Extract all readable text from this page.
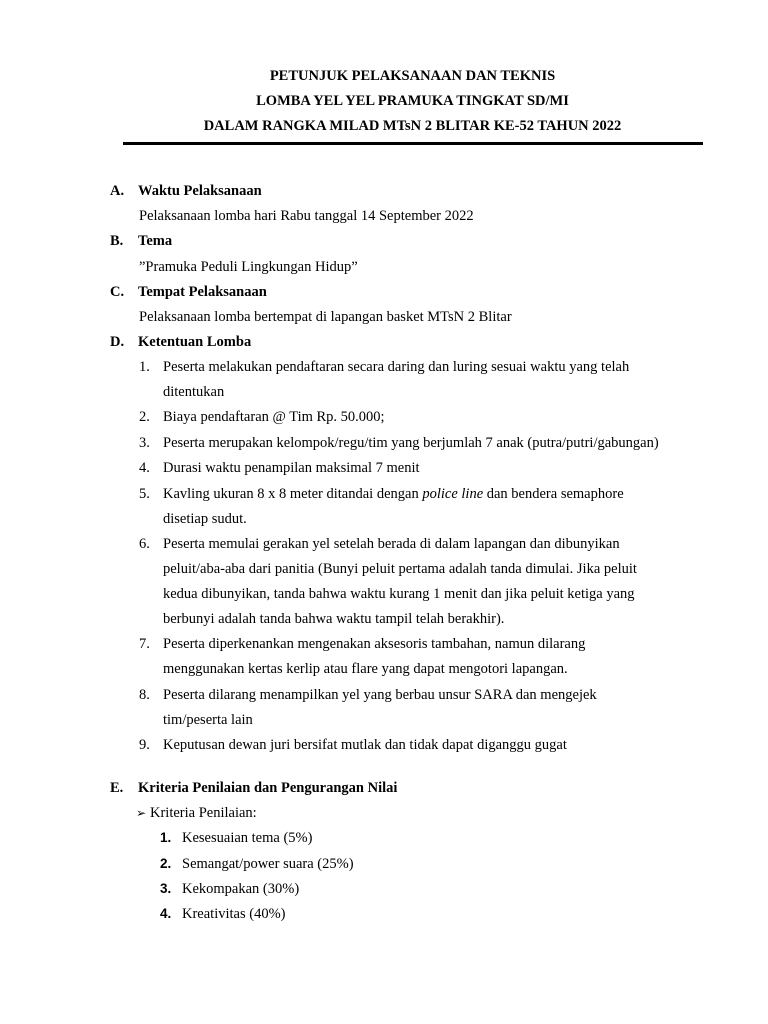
PETUNJUK PELAKSANAAN DAN TEKNIS
LOMBA YEL YEL PRAMUKA TINGKAT SD/MI
DALAM RANGKA MILAD MTsN 2 BLITAR KE-52 TAHUN 2022
A. Waktu Pelaksanaan
Pelaksanaan lomba hari Rabu tanggal 14 September 2022
B. Tema
”Pramuka Peduli Lingkungan Hidup”
C. Tempat Pelaksanaan
Pelaksanaan lomba bertempat di lapangan basket MTsN 2 Blitar
D. Ketentuan Lomba
1. Peserta melakukan pendaftaran secara daring dan luring sesuai waktu yang telah
ditentukan
2. Biaya pendaftaran @ Tim Rp. 50.000;
3. Peserta merupakan kelompok/regu/tim yang berjumlah 7 anak (putra/putri/gabungan)
4. Durasi waktu penampilan maksimal 7 menit
5. Kavling ukuran 8 x 8 meter ditandai dengan police line dan bendera semaphore
disetiap sudut.
6. Peserta memulai gerakan yel setelah berada di dalam lapangan dan dibunyikan
peluit/aba-aba dari panitia (Bunyi peluit pertama adalah tanda dimulai. Jika peluit
kedua dibunyikan, tanda bahwa waktu kurang 1 menit dan jika peluit ketiga yang
berbunyi adalah tanda bahwa waktu tampil telah berakhir).
7. Peserta diperkenankan mengenakan aksesoris tambahan, namun dilarang
menggunakan kertas kerlip atau flare yang dapat mengotori lapangan.
8. Peserta dilarang menampilkan yel yang berbau unsur SARA dan mengejek
tim/peserta lain
9. Keputusan dewan juri bersifat mutlak dan tidak dapat diganggu gugat
E. Kriteria Penilaian dan Pengurangan Nilai
➢ Kriteria Penilaian:
1. Kesesuaian tema (5%)
2. Semangat/power suara (25%)
3. Kekompakan (30%)
4. Kreativitas (40%)
